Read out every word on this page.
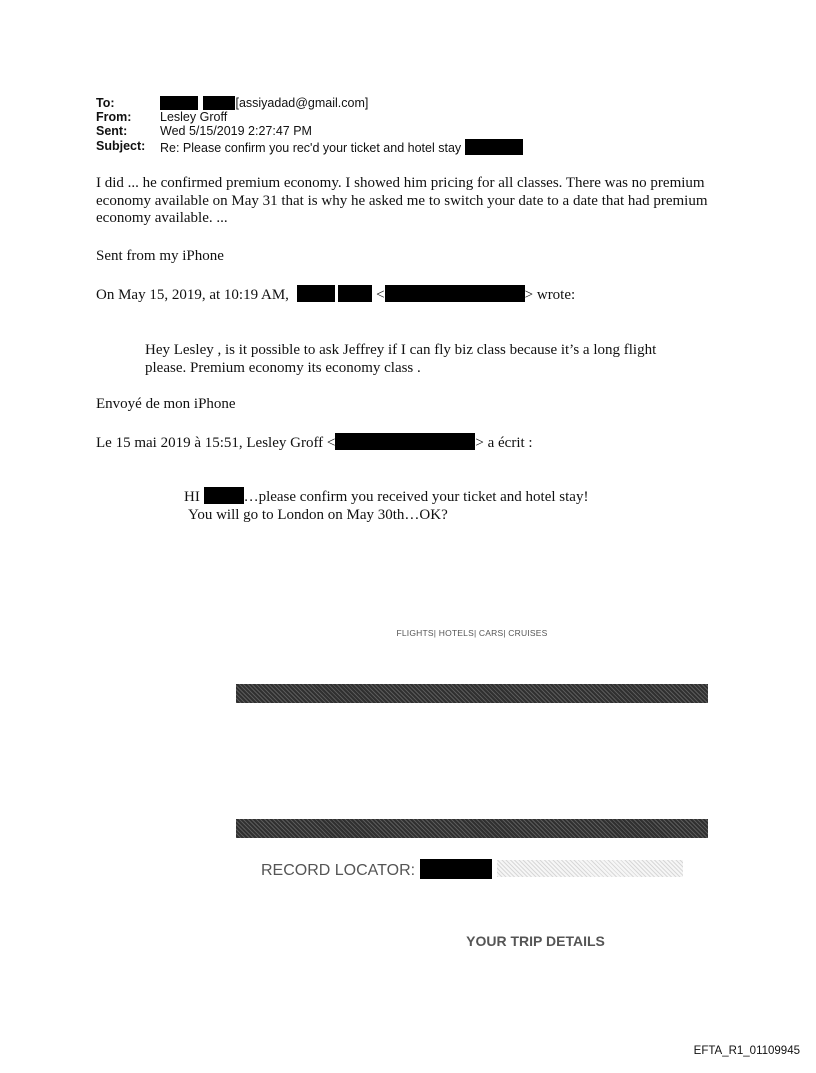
To:	[assiyadad@gmail.com]
From: Lesley Groff
Sent:	Wed 5/15/2019 2:27:47 PM
Subject: Re: Please confirm you rec'd your ticket and hotel stay
I did ... he confirmed premium economy. I showed him pricing for all classes. There was no premium economy available on May 31 that is why he asked me to switch your date to a date that had premium economy available. ...
Sent from my iPhone
On May 15, 2019, at 10:19 AM,	<	> wrote:
Hey Lesley , is it possible to ask Jeffrey if I can fly biz class because it’s a long flight please. Premium economy its economy class .
Envoyé de mon iPhone
Le 15 mai 2019 à 15:51, Lesley Groff <	> a écrit :
HI	…please confirm you received your ticket and hotel stay!
You will go to London on May 30th…OK?
FLIGHTS| HOTELS| CARS| CRUISES
RECORD LOCATOR:
YOUR TRIP DETAILS
EFTA_R1_01109945
